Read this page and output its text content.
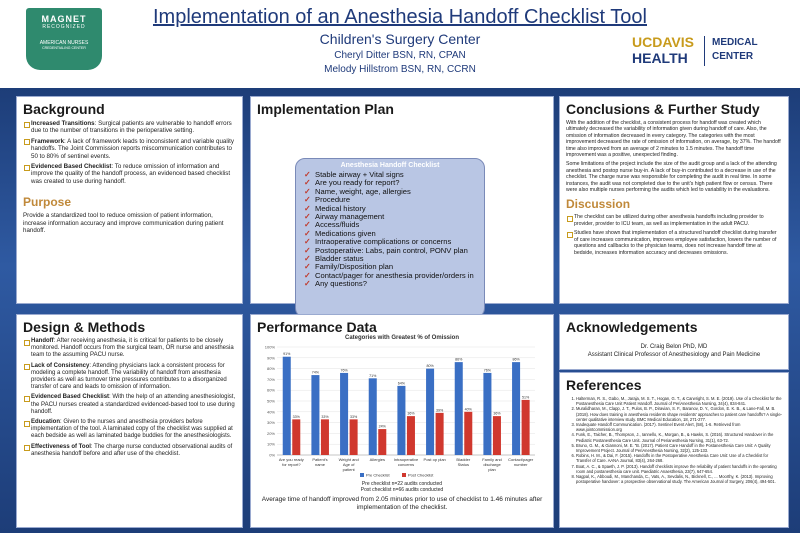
MAGNET
RECOGNIZED
AMERICAN NURSES
CREDENTIALING CENTER
Implementation of an Anesthesia Handoff Checklist Tool
Children's Surgery Center
Cheryl Ditter BSN, RN, CPAN
Melody Hillstrom BSN, RN, CCRN
UCDAVIS
HEALTH
MEDICAL
CENTER
Background
Increased Transitions: Surgical patients are vulnerable to handoff errors due to the number of transitions in the perioperative setting.
Framework: A lack of framework leads to inconsistent and variable quality handoffs. The Joint Commission reports miscommunication contributes to 50 to 80% of sentinel events.
Evidenced Based Checklist: To reduce omission of information and improve the quality of the handoff process, an evidenced based checklist was created to use during handoff.
Purpose
Provide a standardized tool to reduce omission of patient information, increase information accuracy and improve communication during patient handoff.
Implementation Plan
Anesthesia Handoff Checklist
✓ Stable airway + Vital signs
✓ Are you ready for report?
✓ Name, weight, age, allergies
✓ Procedure
✓ Medical history
✓ Airway management
✓ Access/fluids
✓ Medications given
✓ Intraoperative complications or concerns
✓ Postoperative: Labs, pain control, PONV plan
✓ Bladder status
✓ Family/Disposition plan
✓ Contact/pager for anesthesia provider/orders in
✓ Any questions?
Conclusions & Further Study
With the addition of the checklist, a consistent process for handoff was created which ultimately decreased the variability of information given during handoff of care. Also, the omission of information decreased in every category. The categories with the most improvement decreased the rate of omission of information, on average, by 37%. The handoff time also improved from an average of 2 minutes to 1.5 minutes. The handoff time improvement was a positive, unexpected finding.
Some limitations of the project include the size of the audit group and a lack of the attending anesthesia and postop nurse buy-in. A lack of buy-in contributed to a decrease in use of the checklist. The charge nurse was responsible for completing the audit in real time. In some instances, the audit was not completed due to the unit's high patient flow or census. There were also multiple nurses performing the audits which led to variability in the evaluations.
Discussion
The checklist can be utilized during other anesthesia handoffs including provider to provider, provider to ICU team, as well as implementation in the adult PACU.
Studies have shown that implementation of a structured handoff checklist during transfer of care increases communication, improves employee satisfaction, lowers the number of questions and callbacks to the physician teams, does not increase handoff time at bedside, increases information accuracy and decreases omissions.
Design & Methods
Handoff: After receiving anesthesia, it is critical for patients to be closely monitored. Handoff occurs from the surgical team, OR nurse and anesthesia team to the assuming PACU nurse.
Lack of Consistency: Attending physicians lack a consistent process for modeling a complete handoff. The variability of handoff from anesthesia providers as well as turnover time pressures contributes to a disorganized transfer of care and leads to omission of information.
Evidenced Based Checklist: With the help of an attending anesthesiologist, the PACU nurses created a standardized evidenced-based tool to use during handoff.
Education: Given to the nurses and anesthesia providers before implementation of the tool. A laminated copy of the checklist was supplied at each bedside as well as laminated badge buddies for the anesthesiologists.
Effectiveness of Tool: The charge nurse conducted observational audits of anesthesia handoff before and after use of the checklist.
Performance Data
Categories with Greatest % of Omission
0%
10%
20%
30%
40%
50%
60%
70%
80%
90%
100%
91%
33%
Are you ready
for report?
74%
33%
Patient's
name
76%
33%
Weight and
Age of
patient
71%
24%
Allergies
64%
36%
Intraoperative
concerns
80%
39%
Post op plan
86%
40%
Bladder
Status
76%
36%
Family and
discharge
plan
86%
51%
Contact/pager
number
Pre Checklist	Post Checklist
Pre checklist n=22 audits conducted
Post checklist n=66 audits conducted
Average time of handoff improved from 2.05 minutes prior to use of checklist to 1.46 minutes after implementation of the checklist.
Acknowledgements
Dr. Craig Belon PhD, MD
Assistant Clinical Professor of Anesthesiology and Pain Medicine
References
1. Halterman, R. S., Gabo, M., Jaraja, M. S. T., Hogan, G. T., & Carwright, S. M. E. (2019). Use of a Checklist for the Postanesthesia Care Unit Patient Handoff. Journal of PeriAnesthesia Nursing, 34(4), 834-841.
2. Muralidharan, M., Clapp, J. T., Pulos, B. P., Diravian, S. F., Baranov, D. Y., Gordon, E. K. B., & Lane-Fall, M. B. (2018). How does training in anesthesia residents shape residents' approaches to patient care handoffs? A single-center qualitative interview study. BMC Medical Education, 18, 271-277.
3. Inadequate Handoff Communication. (2017). Sentinel Event Alert, (58), 1-6. Retrieved from www.jointcommission.org
4. Funk, E., Taicher, B., Thompson, J., Iannello, K., Morgan, B., & Hawks, S. (2016). Structured Handover in the Pediatric Postanesthesia Care Unit. Journal of Perianesthesia Nursing, 31(1), 63-72.
5. Bruno, G. M., & Giannoni, M. E. "B. (2017). Patient Care Handoff in the Postanesthesia Care Unit: A Quality Improvement Project. Journal of PeriAnesthesia Nursing, 32(2), 125-133.
6. Robins, H. M., & Dai, F. (2015). Handoffs in the Postoperative Anesthesia Care Unit: Use of a Checklist for Transfer of Care. AANA Journal, 83(4), 264-268.
7. Boat, A. C., & Spaeth, J. P. (2013). Handoff checklists improve the reliability of patient handoffs in the operating room and postanesthesia care unit. Paediatric Anaesthesia, 23(7), 647-654.
8. Nagpal, K., Abboudi, M., Manchanda, C., Vats, A., Sevdalis, N., Bicknell, C., ... Moorthy, K. (2013). Improving postoperative handover: a prospective observational study. The American Journal of Surgery, 206(4), 494-501.
